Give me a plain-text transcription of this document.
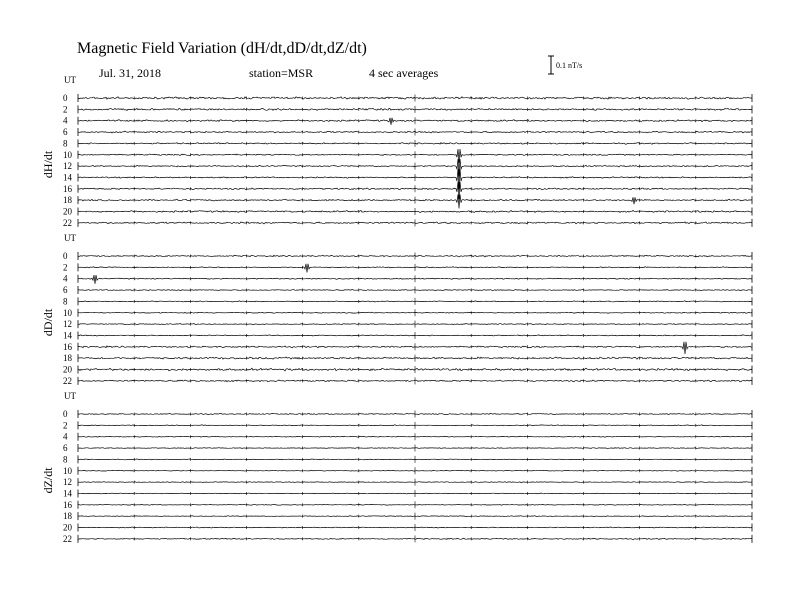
Magnetic Field Variation (dH/dt,dD/dt,dZ/dt)
Jul. 31, 2018	station=MSR	4 sec averages
0.1 nT/s
UT
dH/dt
0
2
4
6
8
10
12
14
16
18
20
22
UT
dD/dt
0
2
4
6
8
10
12
14
16
18
20
22
UT
dZ/dt
0
2
4
6
8
10
12
14
16
18
20
22
